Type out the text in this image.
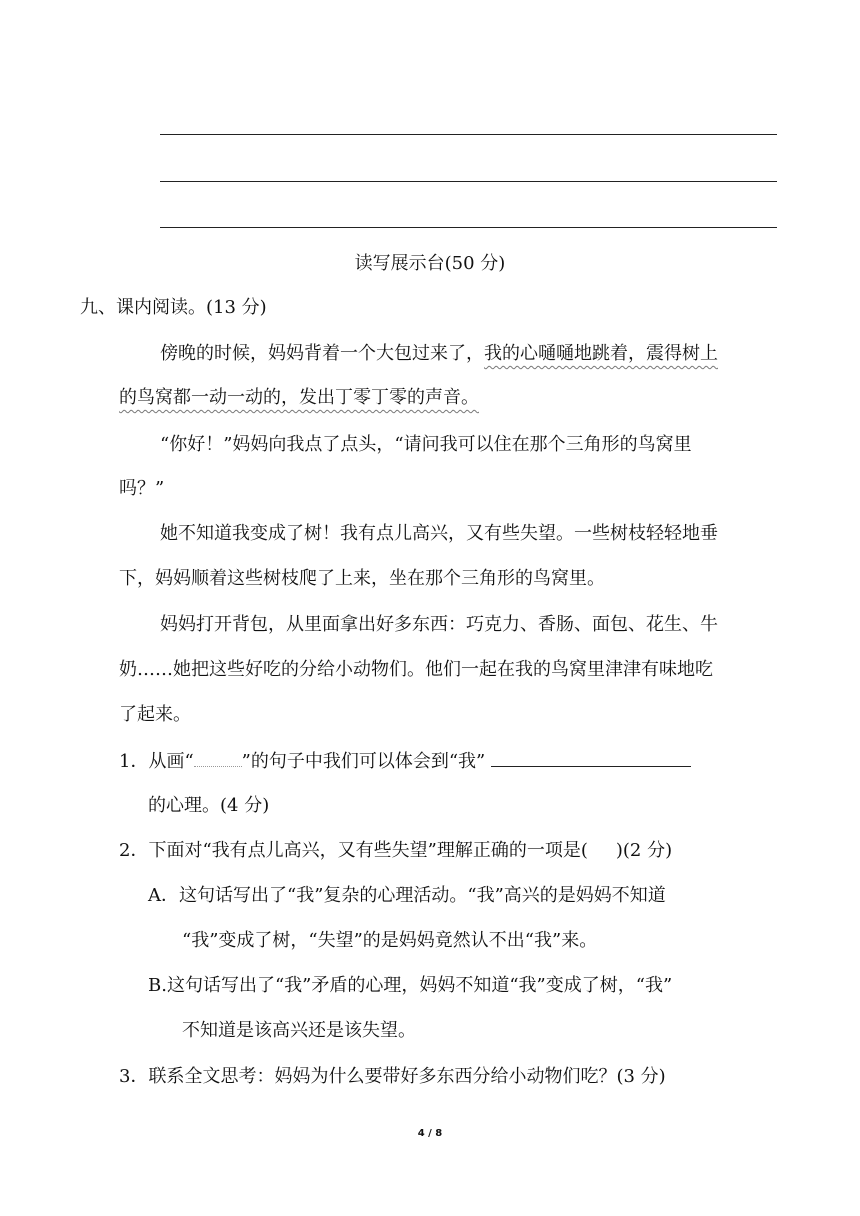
读写展示台(50 分)
九、课内阅读。(13 分)
傍晚的时候，妈妈背着一个大包过来了，我的心嗵嗵地跳着，震得树上
的鸟窝都一动一动的，发出丁零丁零的声音。
“你好！”妈妈向我点了点头，“请问我可以住在那个三角形的鸟窝里
吗？”
她不知道我变成了树！我有点儿高兴，又有些失望。一些树枝轻轻地垂
下，妈妈顺着这些树枝爬了上来，坐在那个三角形的鸟窝里。
妈妈打开背包，从里面拿出好多东西：巧克力、香肠、面包、花生、牛
奶……她把这些好吃的分给小动物们。他们一起在我的鸟窝里津津有味地吃
了起来。
1．从画“	”的句子中我们可以体会到“我”
的心理。(4 分)
2．下面对“我有点儿高兴，又有些失望”理解正确的一项是( )(2 分)
A．这句话写出了“我”复杂的心理活动。“我”高兴的是妈妈不知道
“我”变成了树，“失望”的是妈妈竟然认不出“我”来。
B.这句话写出了“我”矛盾的心理，妈妈不知道“我”变成了树，“我”
不知道是该高兴还是该失望。
3．联系全文思考：妈妈为什么要带好多东西分给小动物们吃？(3 分)
4 / 8
